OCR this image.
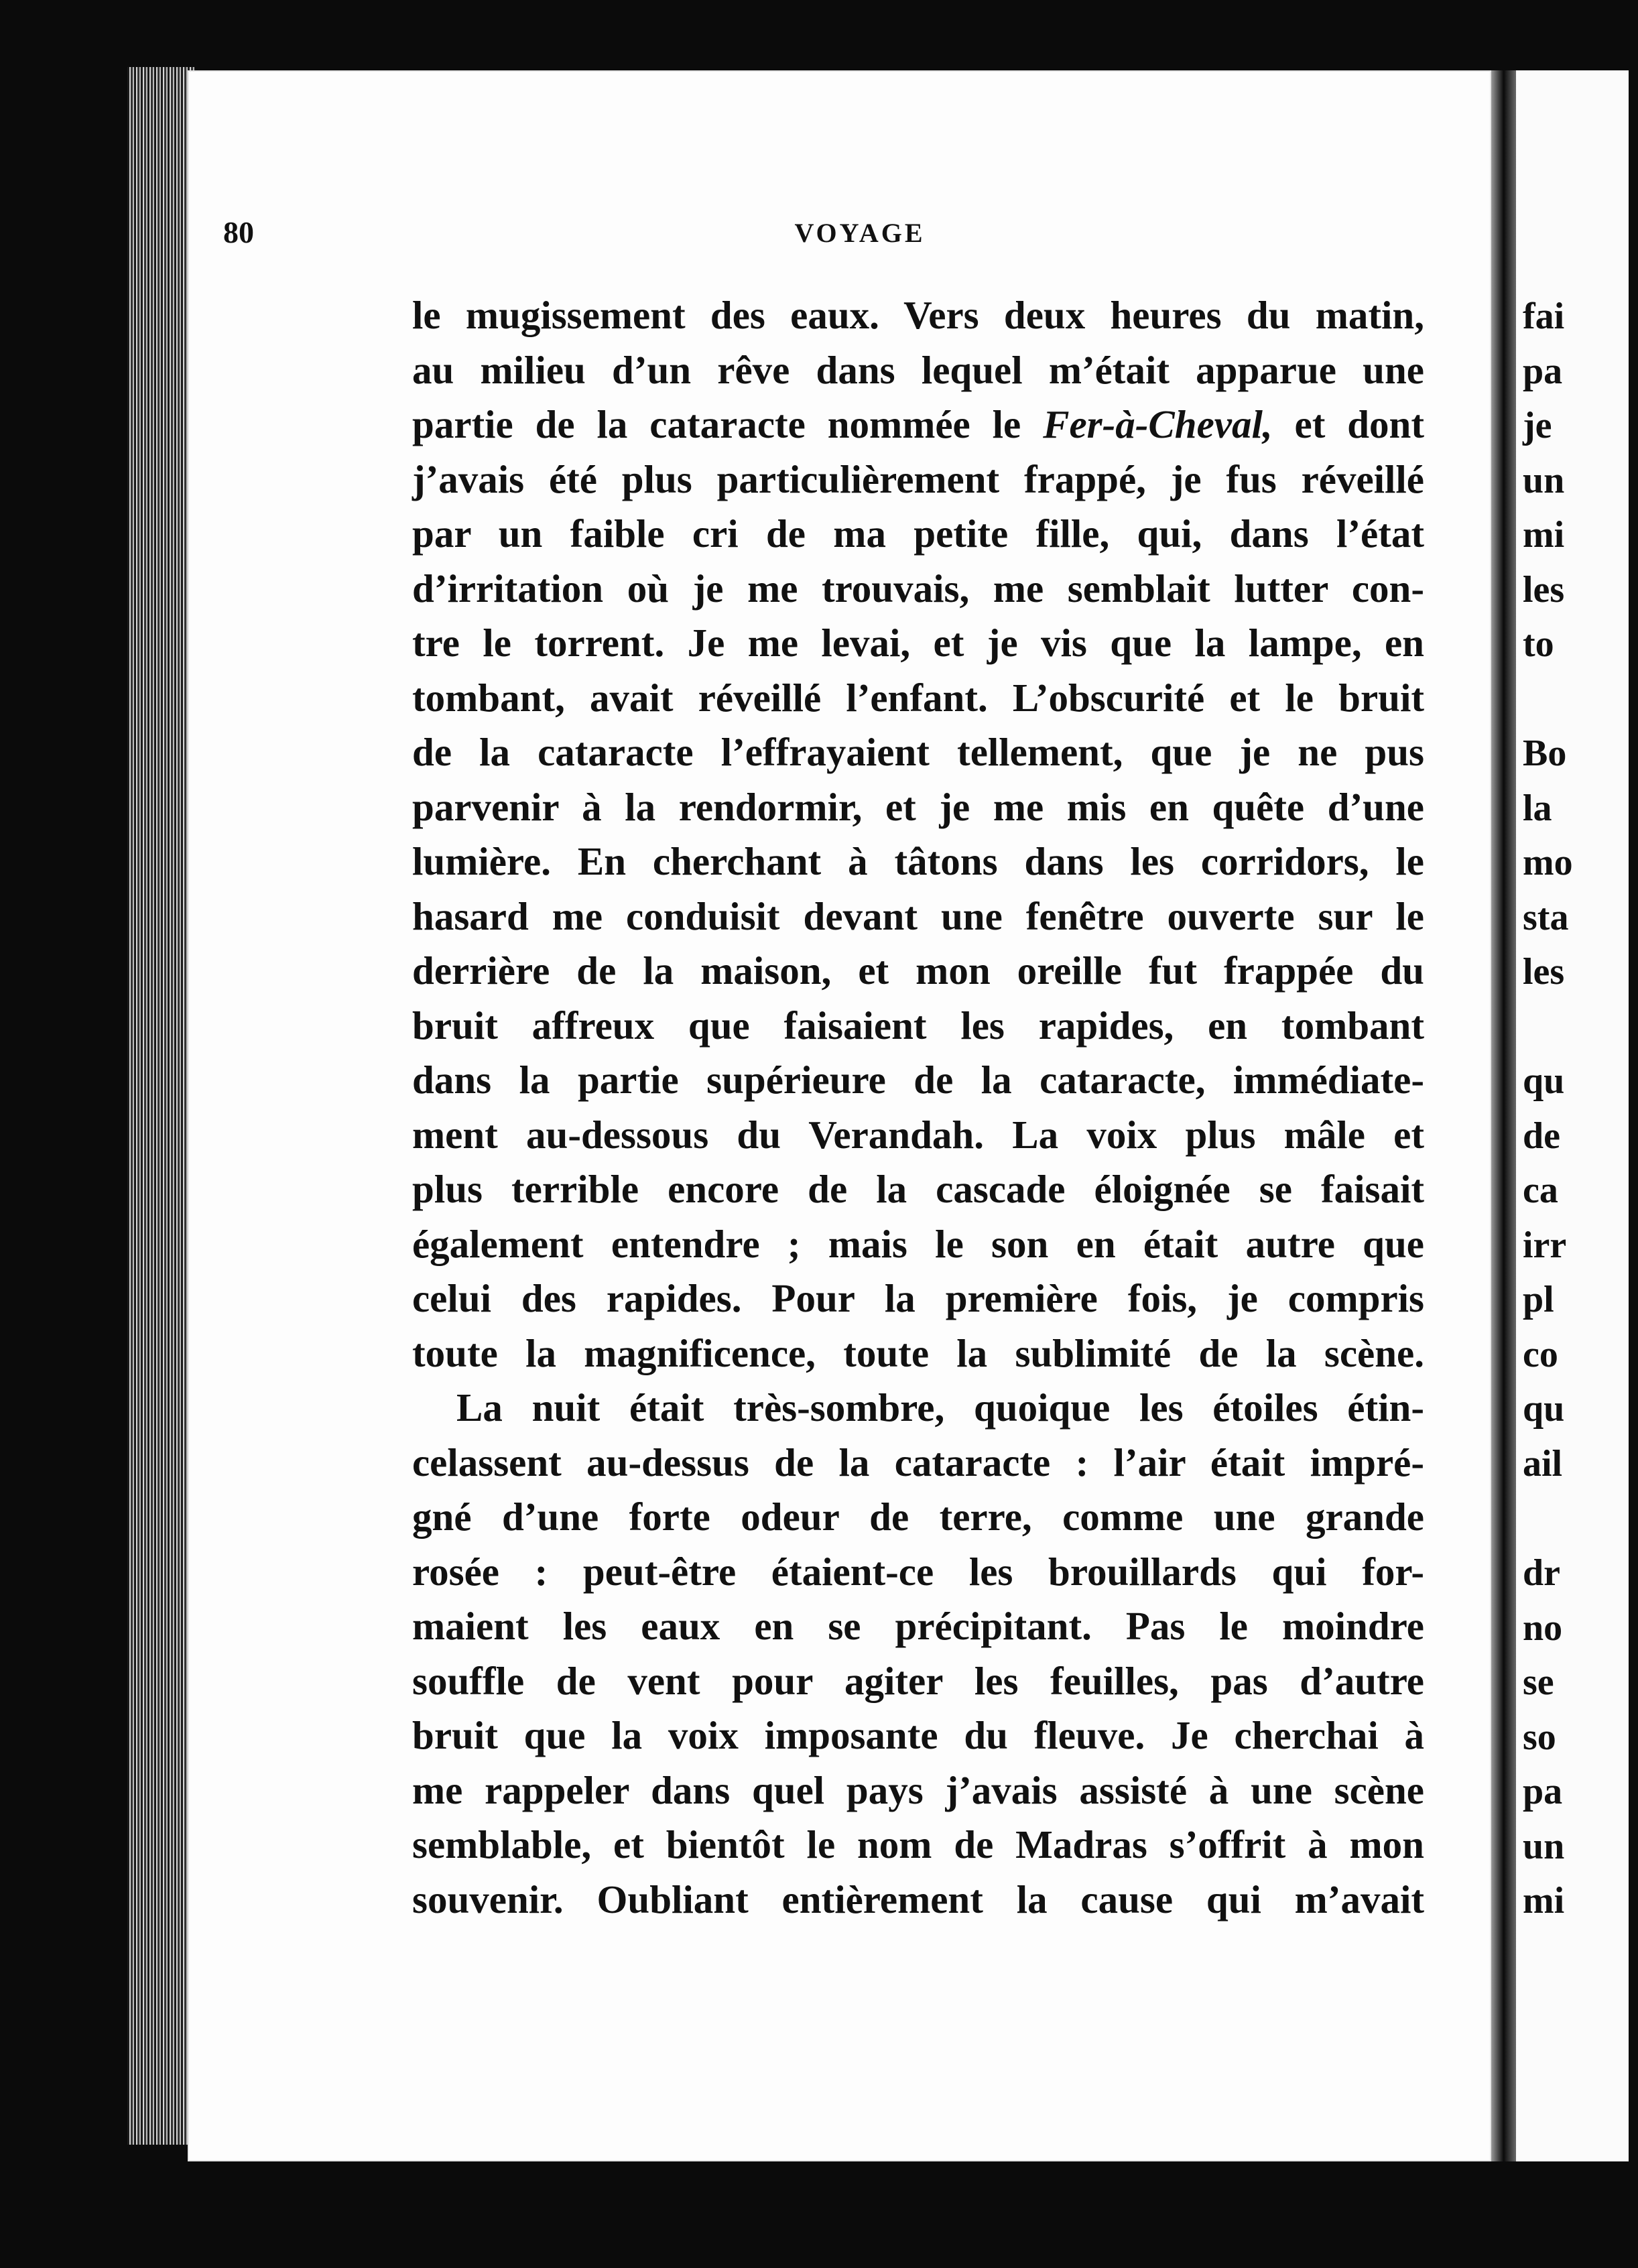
80	VOYAGE
le mugissement des eaux. Vers deux heures du matin,
au milieu d’un rêve dans lequel m’était apparue une
partie de la cataracte nommée le Fer-à-Cheval, et dont
j’avais été plus particulièrement frappé, je fus réveillé
par un faible cri de ma petite fille, qui, dans l’état
d’irritation où je me trouvais, me semblait lutter con-
tre le torrent. Je me levai, et je vis que la lampe, en
tombant, avait réveillé l’enfant. L’obscurité et le bruit
de la cataracte l’effrayaient tellement, que je ne pus
parvenir à la rendormir, et je me mis en quête d’une
lumière. En cherchant à tâtons dans les corridors, le
hasard me conduisit devant une fenêtre ouverte sur le
derrière de la maison, et mon oreille fut frappée du
bruit affreux que faisaient les rapides, en tombant
dans la partie supérieure de la cataracte, immédiate-
ment au-dessous du Verandah. La voix plus mâle et
plus terrible encore de la cascade éloignée se faisait
également entendre ; mais le son en était autre que
celui des rapides. Pour la première fois, je compris
toute la magnificence, toute la sublimité de la scène.
La nuit était très-sombre, quoique les étoiles étin-
celassent au-dessus de la cataracte : l’air était impré-
gné d’une forte odeur de terre, comme une grande
rosée : peut-être étaient-ce les brouillards qui for-
maient les eaux en se précipitant. Pas le moindre
souffle de vent pour agiter les feuilles, pas d’autre
bruit que la voix imposante du fleuve. Je cherchai à
me rappeler dans quel pays j’avais assisté à une scène
semblable, et bientôt le nom de Madras s’offrit à mon
souvenir. Oubliant entièrement la cause qui m’avait
fai
pa
je
un
mi
les
to
Bo
la
mo
sta
les
qu
de
ca
irr
pl
co
qu
ail
dr
no
se
so
pa
un
mi
